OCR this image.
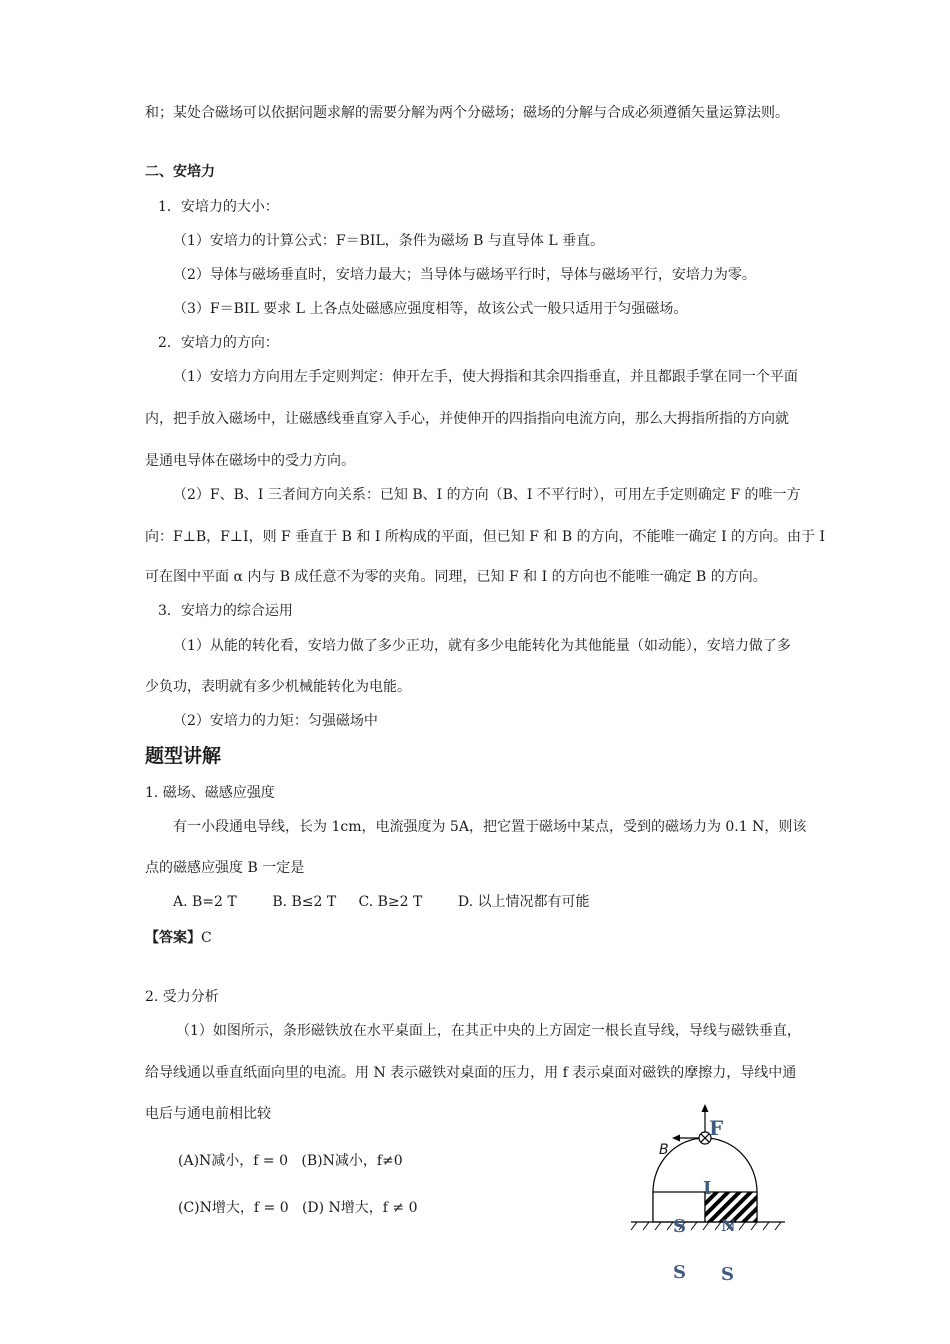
和；某处合磁场可以依据问题求解的需要分解为两个分磁场；磁场的分解与合成必须遵循矢量运算法则。
二、安培力
1．安培力的大小：
（1）安培力的计算公式：F＝BIL，条件为磁场 B 与直导体 L 垂直。
（2）导体与磁场垂直时，安培力最大；当导体与磁场平行时，导体与磁场平行，安培力为零。
（3）F＝BIL 要求 L 上各点处磁感应强度相等，故该公式一般只适用于匀强磁场。
2．安培力的方向：
（1）安培力方向用左手定则判定：伸开左手，使大拇指和其余四指垂直，并且都跟手掌在同一个平面
内，把手放入磁场中，让磁感线垂直穿入手心，并使伸开的四指指向电流方向，那么大拇指所指的方向就
是通电导体在磁场中的受力方向。
（2）F、B、I 三者间方向关系：已知 B、I 的方向（B、I 不平行时），可用左手定则确定 F 的唯一方
向：F⊥B，F⊥I，则 F 垂直于 B 和 I 所构成的平面，但已知 F 和 B 的方向，不能唯一确定 I 的方向。由于 I
可在图中平面 α 内与 B 成任意不为零的夹角。同理，已知 F 和 I 的方向也不能唯一确定 B 的方向。
3．安培力的综合运用
（1）从能的转化看，安培力做了多少正功，就有多少电能转化为其他能量（如动能），安培力做了多
少负功，表明就有多少机械能转化为电能。
（2）安培力的力矩：匀强磁场中
题型讲解
1. 磁场、磁感应强度
有一小段通电导线，长为 1cm，电流强度为 5A，把它置于磁场中某点，受到的磁场力为 0.1 N，则该
点的磁感应强度 B 一定是
A. B=2 T        B. B≤2 T     C. B≥2 T        D. 以上情况都有可能
【答案】C
2. 受力分析
（1）如图所示，条形磁铁放在水平桌面上，在其正中央的上方固定一根长直导线，导线与磁铁垂直，
给导线通以垂直纸面向里的电流。用 N 表示磁铁对桌面的压力，用 f 表示桌面对磁铁的摩擦力，导线中通
电后与通电前相比较
(A)N减小，f = 0   (B)N减小，f≠0
(C)N增大，f = 0   (D) N增大，f ≠ 0
F
B
I
S N
S S
